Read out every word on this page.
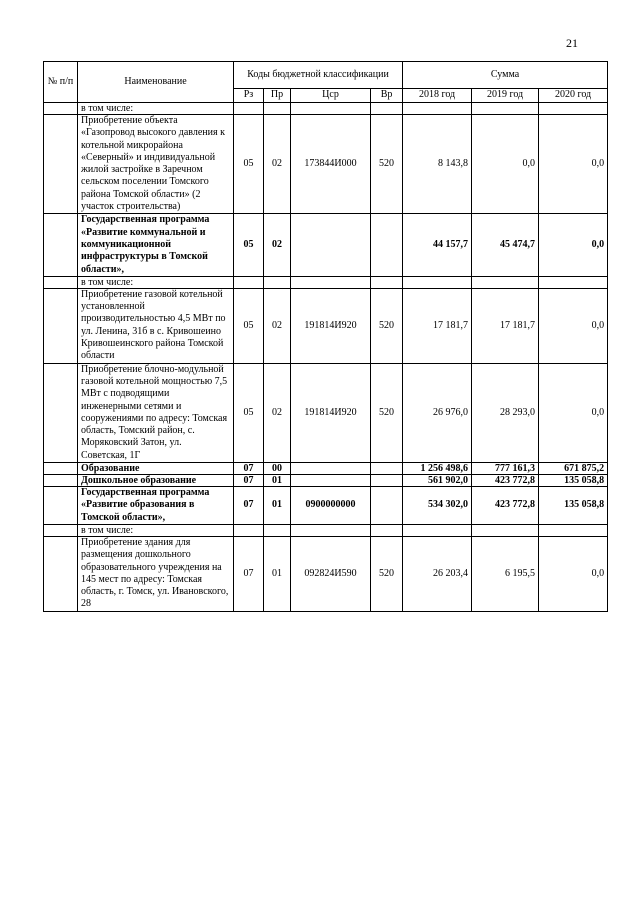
21
№ п/п	Наименование	Коды бюджетной классификации				Сумма		
		Рз	Пр	Цср	Вр	2018 год	2019 год	2020 год
	в том числе:							
	Приобретение объекта «Газопровод высокого давления к котельной микрорайона «Северный» и индивидуальной жилой застройке в Заречном сельском поселении Томского района Томской области» (2 участок строительства)	05	02	173844И000	520	8 143,8	0,0	0,0
	Государственная программа «Развитие коммунальной и коммуникационной инфраструктуры в Томской области»,	05	02			44 157,7	45 474,7	0,0
	в том числе:							
	Приобретение газовой котельной установленной производительностью 4,5 МВт по ул. Ленина, 31б в с. Кривошеино Кривошеинского района Томской области	05	02	191814И920	520	17 181,7	17 181,7	0,0
	Приобретение блочно-модульной газовой котельной мощностью 7,5 МВт с подводящими инженерными сетями и сооружениями по адресу: Томская область, Томский район, с. Моряковский Затон, ул. Советская, 1Г	05	02	191814И920	520	26 976,0	28 293,0	0,0
	Образование	07	00			1 256 498,6	777 161,3	671 875,2
	Дошкольное образование	07	01			561 902,0	423 772,8	135 058,8
	Государственная программа «Развитие образования в Томской области»,	07	01	0900000000		534 302,0	423 772,8	135 058,8
	в том числе:							
	Приобретение здания для размещения дошкольного образовательного учреждения на 145 мест по адресу: Томская область, г. Томск, ул. Ивановского, 28	07	01	092824И590	520	26 203,4	6 195,5	0,0
